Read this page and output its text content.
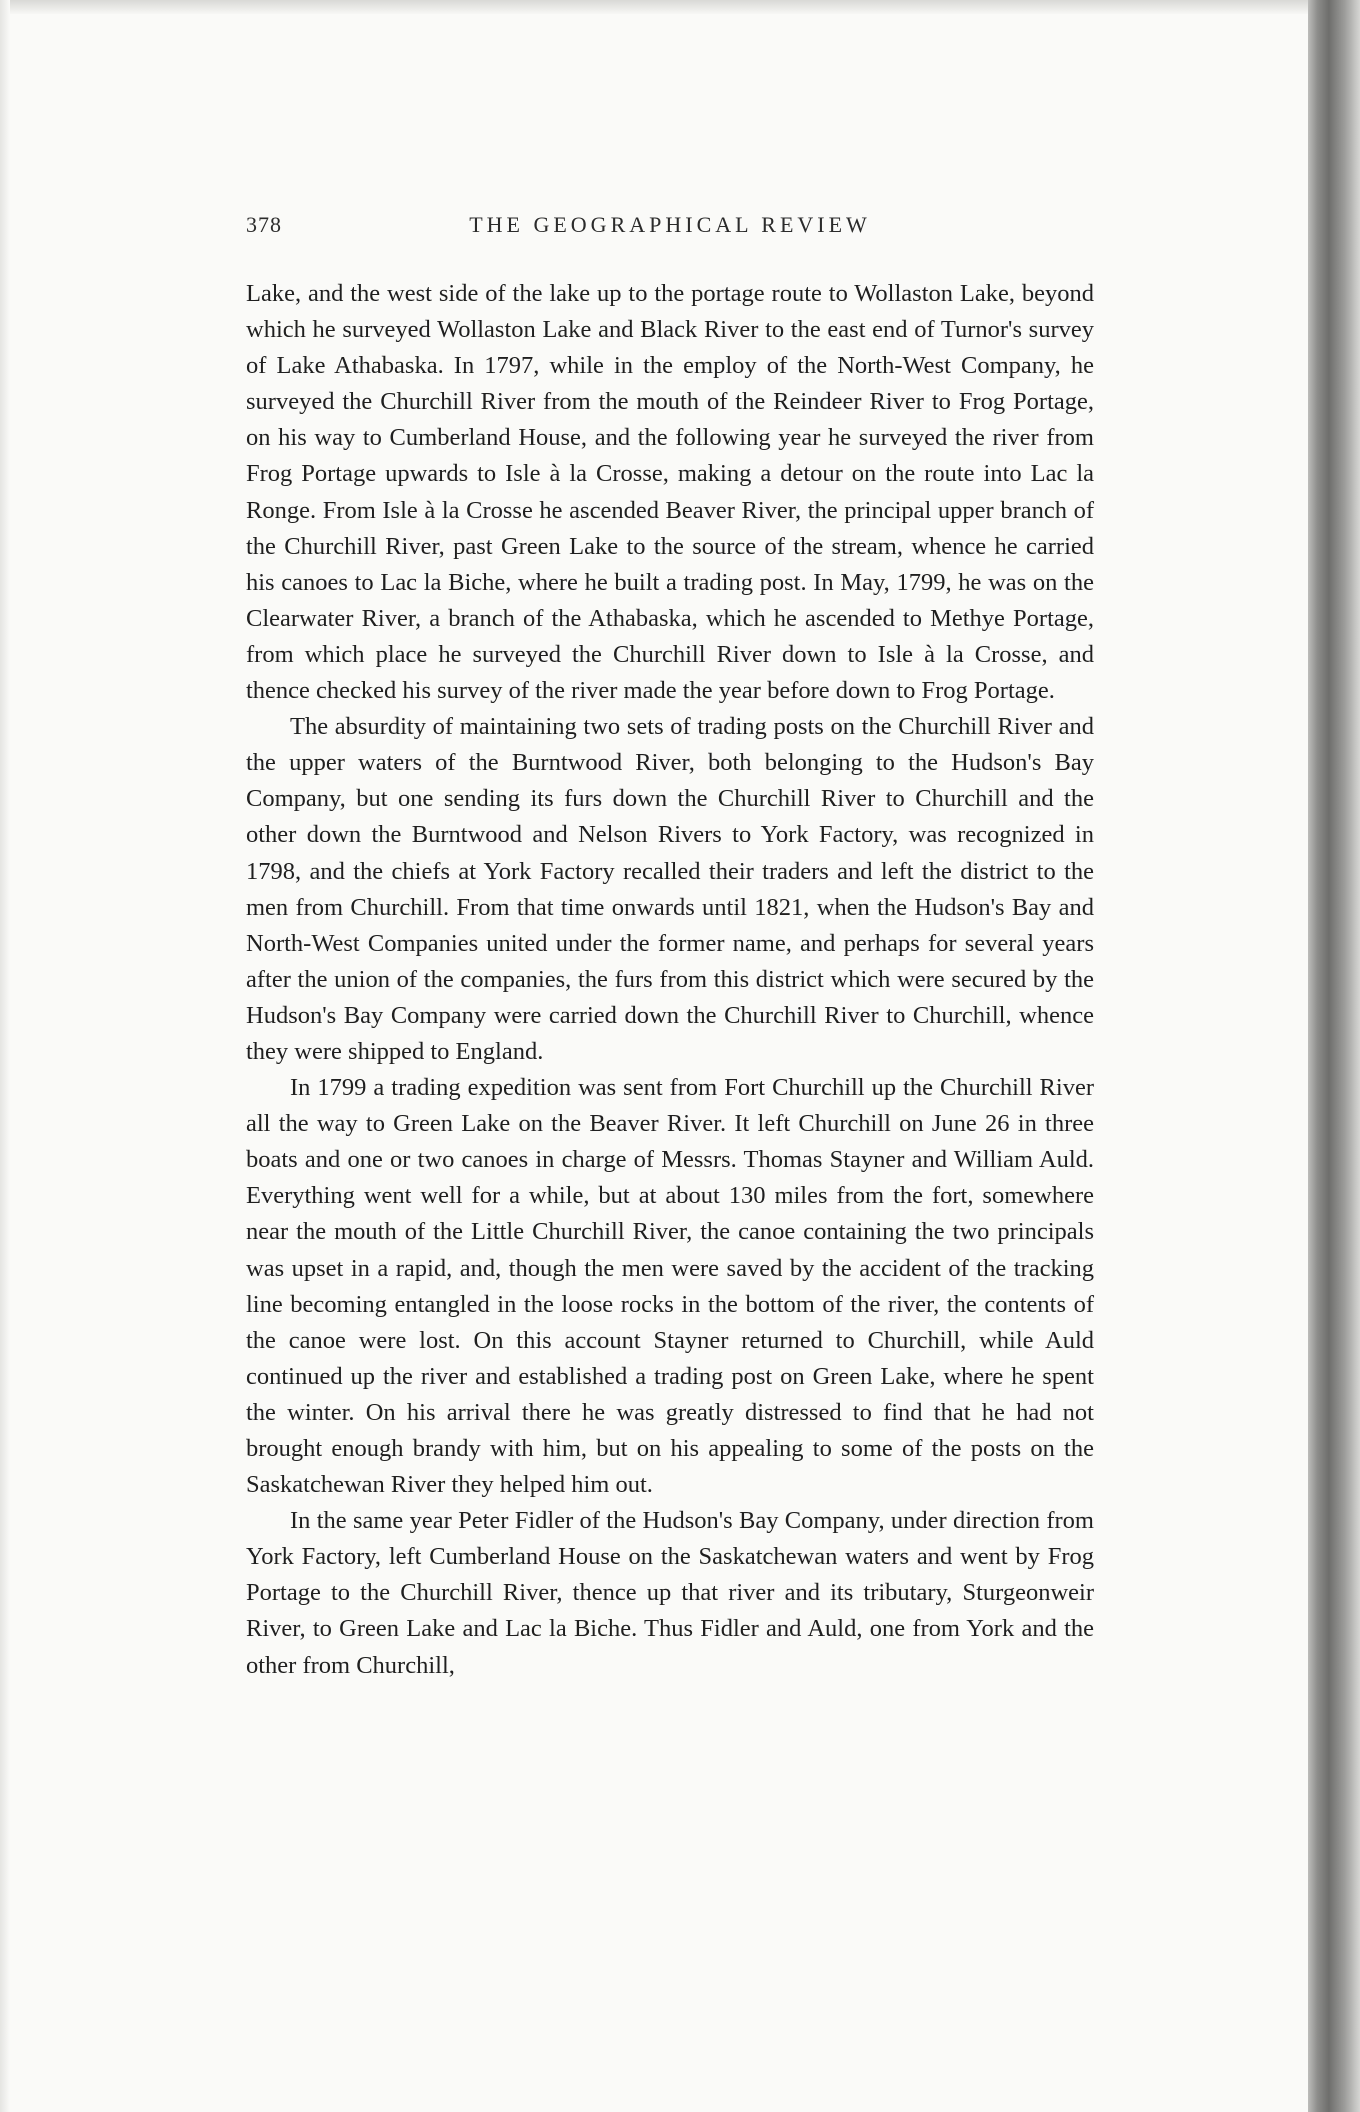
378	THE GEOGRAPHICAL REVIEW

Lake, and the west side of the lake up to the portage route to Wollaston Lake, beyond which he surveyed Wollaston Lake and Black River to the east end of Turnor's survey of Lake Athabaska. In 1797, while in the employ of the North-West Company, he surveyed the Churchill River from the mouth of the Reindeer River to Frog Portage, on his way to Cumberland House, and the following year he surveyed the river from Frog Portage upwards to Isle à la Crosse, making a detour on the route into Lac la Ronge. From Isle à la Crosse he ascended Beaver River, the principal upper branch of the Churchill River, past Green Lake to the source of the stream, whence he carried his canoes to Lac la Biche, where he built a trading post. In May, 1799, he was on the Clearwater River, a branch of the Athabaska, which he ascended to Methye Portage, from which place he surveyed the Churchill River down to Isle à la Crosse, and thence checked his survey of the river made the year before down to Frog Portage.

The absurdity of maintaining two sets of trading posts on the Churchill River and the upper waters of the Burntwood River, both belonging to the Hudson's Bay Company, but one sending its furs down the Churchill River to Churchill and the other down the Burntwood and Nelson Rivers to York Factory, was recognized in 1798, and the chiefs at York Factory recalled their traders and left the district to the men from Churchill. From that time onwards until 1821, when the Hudson's Bay and North-West Companies united under the former name, and perhaps for several years after the union of the companies, the furs from this district which were secured by the Hudson's Bay Company were carried down the Churchill River to Churchill, whence they were shipped to England.

In 1799 a trading expedition was sent from Fort Churchill up the Churchill River all the way to Green Lake on the Beaver River. It left Churchill on June 26 in three boats and one or two canoes in charge of Messrs. Thomas Stayner and William Auld. Everything went well for a while, but at about 130 miles from the fort, somewhere near the mouth of the Little Churchill River, the canoe containing the two principals was upset in a rapid, and, though the men were saved by the accident of the tracking line becoming entangled in the loose rocks in the bottom of the river, the contents of the canoe were lost. On this account Stayner returned to Churchill, while Auld continued up the river and established a trading post on Green Lake, where he spent the winter. On his arrival there he was greatly distressed to find that he had not brought enough brandy with him, but on his appealing to some of the posts on the Saskatchewan River they helped him out.

In the same year Peter Fidler of the Hudson's Bay Company, under direction from York Factory, left Cumberland House on the Saskatchewan waters and went by Frog Portage to the Churchill River, thence up that river and its tributary, Sturgeonweir River, to Green Lake and Lac la Biche. Thus Fidler and Auld, one from York and the other from Churchill,
